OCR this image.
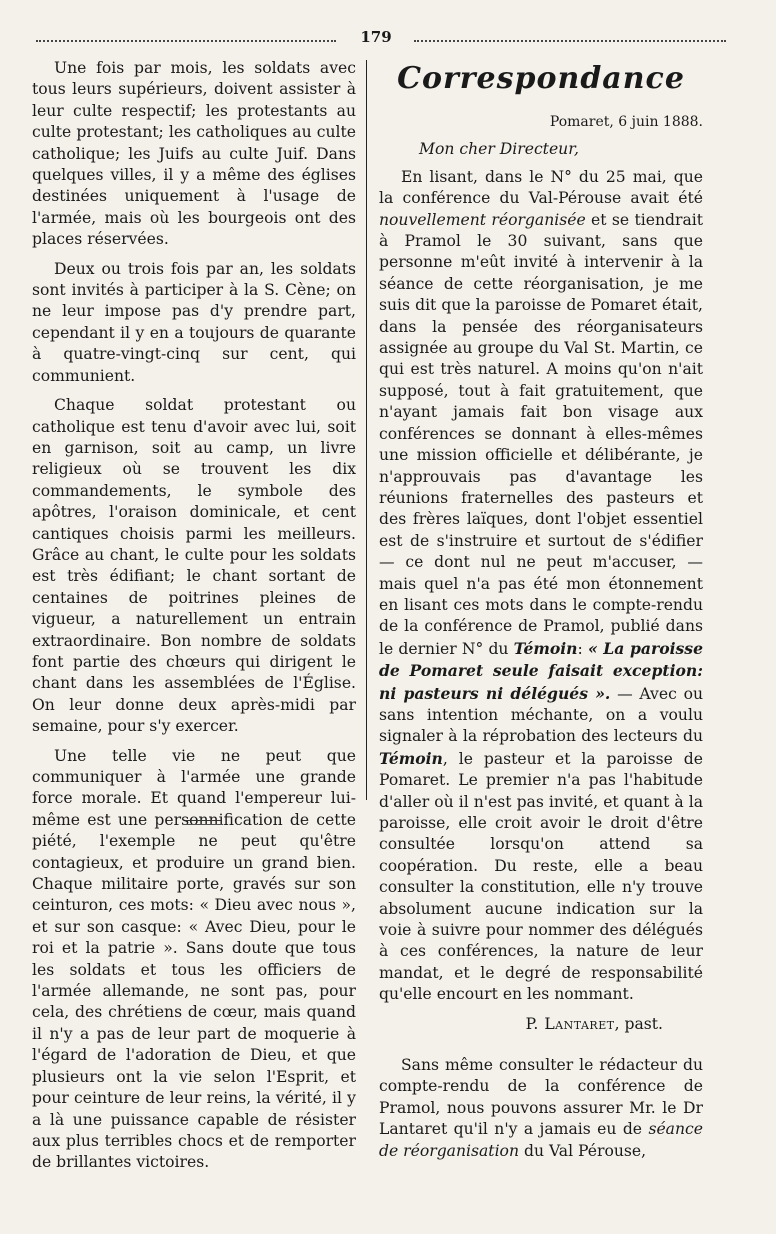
179

Une fois par mois, les soldats avec tous leurs supérieurs, doivent assister à leur culte respectif; les protestants au culte protestant; les catholiques au culte catholique; les Juifs au culte Juif. Dans quelques villes, il y a même des églises destinées uniquement à l'usage de l'armée, mais où les bourgeois ont des places réservées.

Deux ou trois fois par an, les soldats sont invités à participer à la S. Cène; on ne leur impose pas d'y prendre part, cependant il y en a toujours de quarante à quatre-vingt-cinq sur cent, qui communient.

Chaque soldat protestant ou catholique est tenu d'avoir avec lui, soit en garnison, soit au camp, un livre religieux où se trouvent les dix commandements, le symbole des apôtres, l'oraison dominicale, et cent cantiques choisis parmi les meilleurs. Grâce au chant, le culte pour les soldats est très édifiant; le chant sortant de centaines de poitrines pleines de vigueur, a naturellement un entrain extraordinaire. Bon nombre de soldats font partie des chœurs qui dirigent le chant dans les assemblées de l'Église. On leur donne deux après-midi par semaine, pour s'y exercer.

Une telle vie ne peut que communiquer à l'armée une grande force morale. Et quand l'empereur lui-même est une personnification de cette piété, l'exemple ne peut qu'être contagieux, et produire un grand bien. Chaque militaire porte, gravés sur son ceinturon, ces mots: « Dieu avec nous », et sur son casque: « Avec Dieu, pour le roi et la patrie ». Sans doute que tous les soldats et tous les officiers de l'armée allemande, ne sont pas, pour cela, des chrétiens de cœur, mais quand il n'y a pas de leur part de moquerie à l'égard de l'adoration de Dieu, et que plusieurs ont la vie selon l'Esprit, et pour ceinture de leur reins, la vérité, il y a là une puissance capable de résister aux plus terribles chocs et de remporter de brillantes victoires.

Correspondance
Pomaret, 6 juin 1888.
Mon cher Directeur,

En lisant, dans le N° du 25 mai, que la conférence du Val-Pérouse avait été nouvellement réorganisée et se tiendrait à Pramol le 30 suivant, sans que personne m'eût invité à intervenir à la séance de cette réorganisation, je me suis dit que la paroisse de Pomaret était, dans la pensée des réorganisateurs assignée au groupe du Val St. Martin, ce qui est très naturel. A moins qu'on n'ait supposé, tout à fait gratuitement, que n'ayant jamais fait bon visage aux conférences se donnant à elles-mêmes une mission officielle et délibérante, je n'approuvais pas d'avantage les réunions fraternelles des pasteurs et des frères laïques, dont l'objet essentiel est de s'instruire et surtout de s'édifier — ce dont nul ne peut m'accuser, — mais quel n'a pas été mon étonnement en lisant ces mots dans le compte-rendu de la conférence de Pramol, publié dans le dernier N° du Témoin: « La paroisse de Pomaret seule faisait exception: ni pasteurs ni délégués ». — Avec ou sans intention méchante, on a voulu signaler à la réprobation des lecteurs du Témoin, le pasteur et la paroisse de Pomaret. Le premier n'a pas l'habitude d'aller où il n'est pas invité, et quant à la paroisse, elle croit avoir le droit d'être consultée lorsqu'on attend sa coopération. Du reste, elle a beau consulter la constitution, elle n'y trouve absolument aucune indication sur la voie à suivre pour nommer des délégués à ces conférences, la nature de leur mandat, et le degré de responsabilité qu'elle encourt en les nommant.

P. Lantaret, past.

Sans même consulter le rédacteur du compte-rendu de la conférence de Pramol, nous pouvons assurer Mr. le Dr Lantaret qu'il n'y a jamais eu de séance de réorganisation du Val Pérouse,
